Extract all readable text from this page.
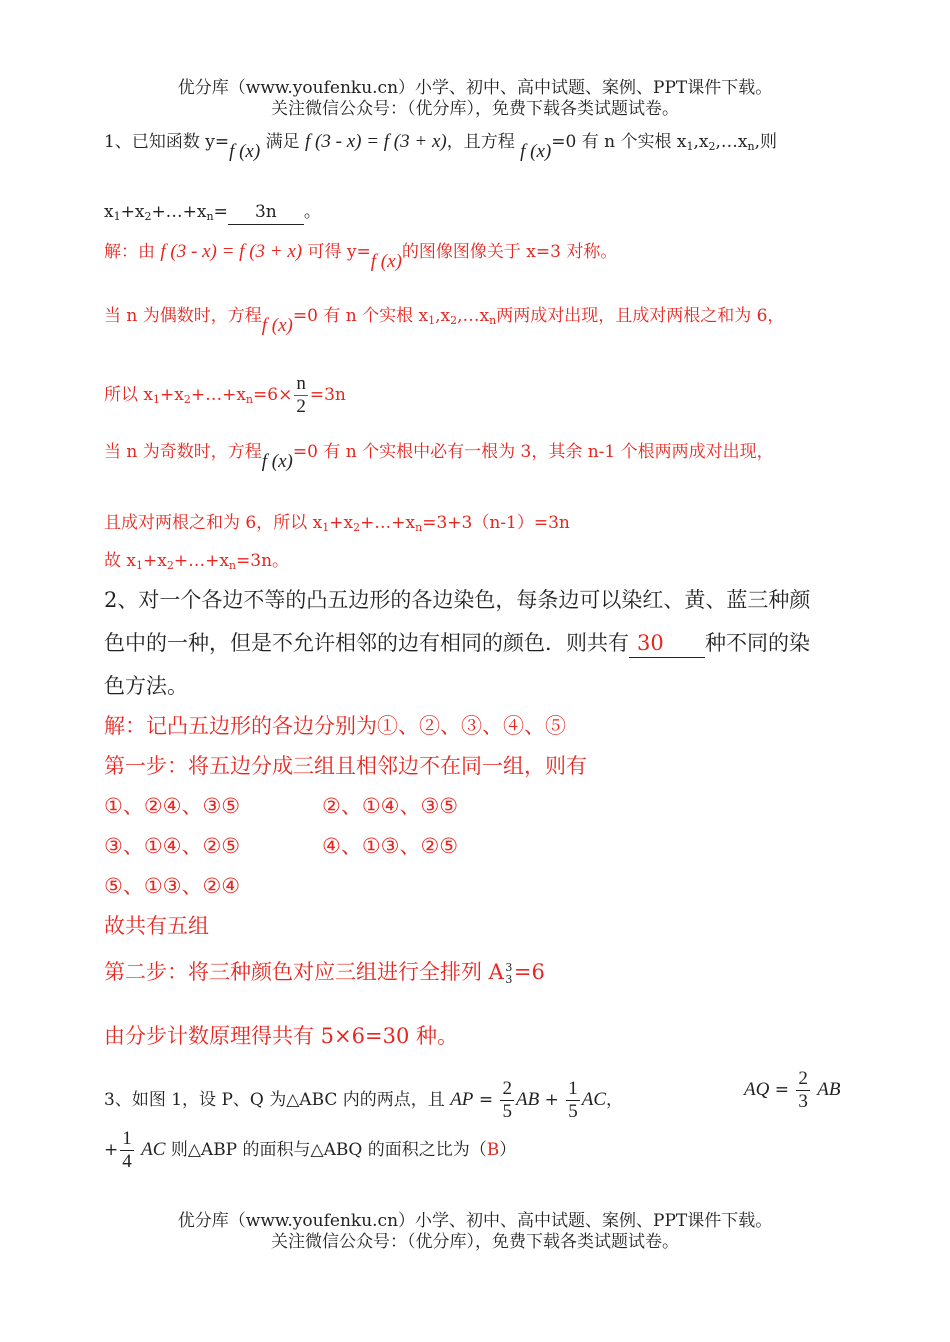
优分库（www.youfenku.cn）小学、初中、高中试题、案例、PPT课件下载。
关注微信公众号：（优分库），免费下载各类试题试卷。
1、已知函数 y=f (x) 满足 f (3 - x) = f (3 + x)，且方程 f (x)=0 有 n 个实根 $x_1,x_2,\dots x_n$,则
$x_1+x_2+\dots+x_n= 3n$ 。
解：由 f (3 - x) = f (3 + x) 可得 y=f (x)的图像图像关于 x=3 对称。
当 n 为偶数时，方程f (x)=0 有 n 个实根 $x_1,x_2,\dots x_n$两两成对出现，且成对两根之和为 6，
所以 $x_1+x_2+\dots+x_n=6\times \frac{n}{2} =3n$
当 n 为奇数时，方程f (x)=0 有 n 个实根中必有一根为 3，其余 n-1 个根两两成对出现，
且成对两根之和为 6，所以 $x_1+x_2+\dots+x_n=3+3(n-1)=3n$
故 $x_1+x_2+\dots+x_n=3n$。
2、对一个各边不等的凸五边形的各边染色，每条边可以染红、黄、蓝三种颜
色中的一种，但是不允许相邻的边有相同的颜色．则共有 30 种不同的染
色方法。
解：记凸五边形的各边分别为①、②、③、④、⑤
第一步：将五边分成三组且相邻边不在同一组，则有
①、②④、③⑤	②、①④、③⑤
③、①④、②⑤	④、①③、②⑤
⑤、①③、②④
故共有五组
第二步：将三种颜色对应三组进行全排列 A 3
3=6
由分步计数原理得共有 5×6=30 种。
3、如图 1，设 P、Q 为△ABC 内的两点，且 AP = $\frac{2}{5}$ AB + $\frac{1}{5}$ AC，	AQ = $\frac{2}{3}$ AB
+ $\frac{1}{4}$ AC 则△ABP 的面积与△ABQ 的面积之比为（B）
优分库（www.youfenku.cn）小学、初中、高中试题、案例、PPT课件下载。
关注微信公众号：（优分库），免费下载各类试题试卷。
